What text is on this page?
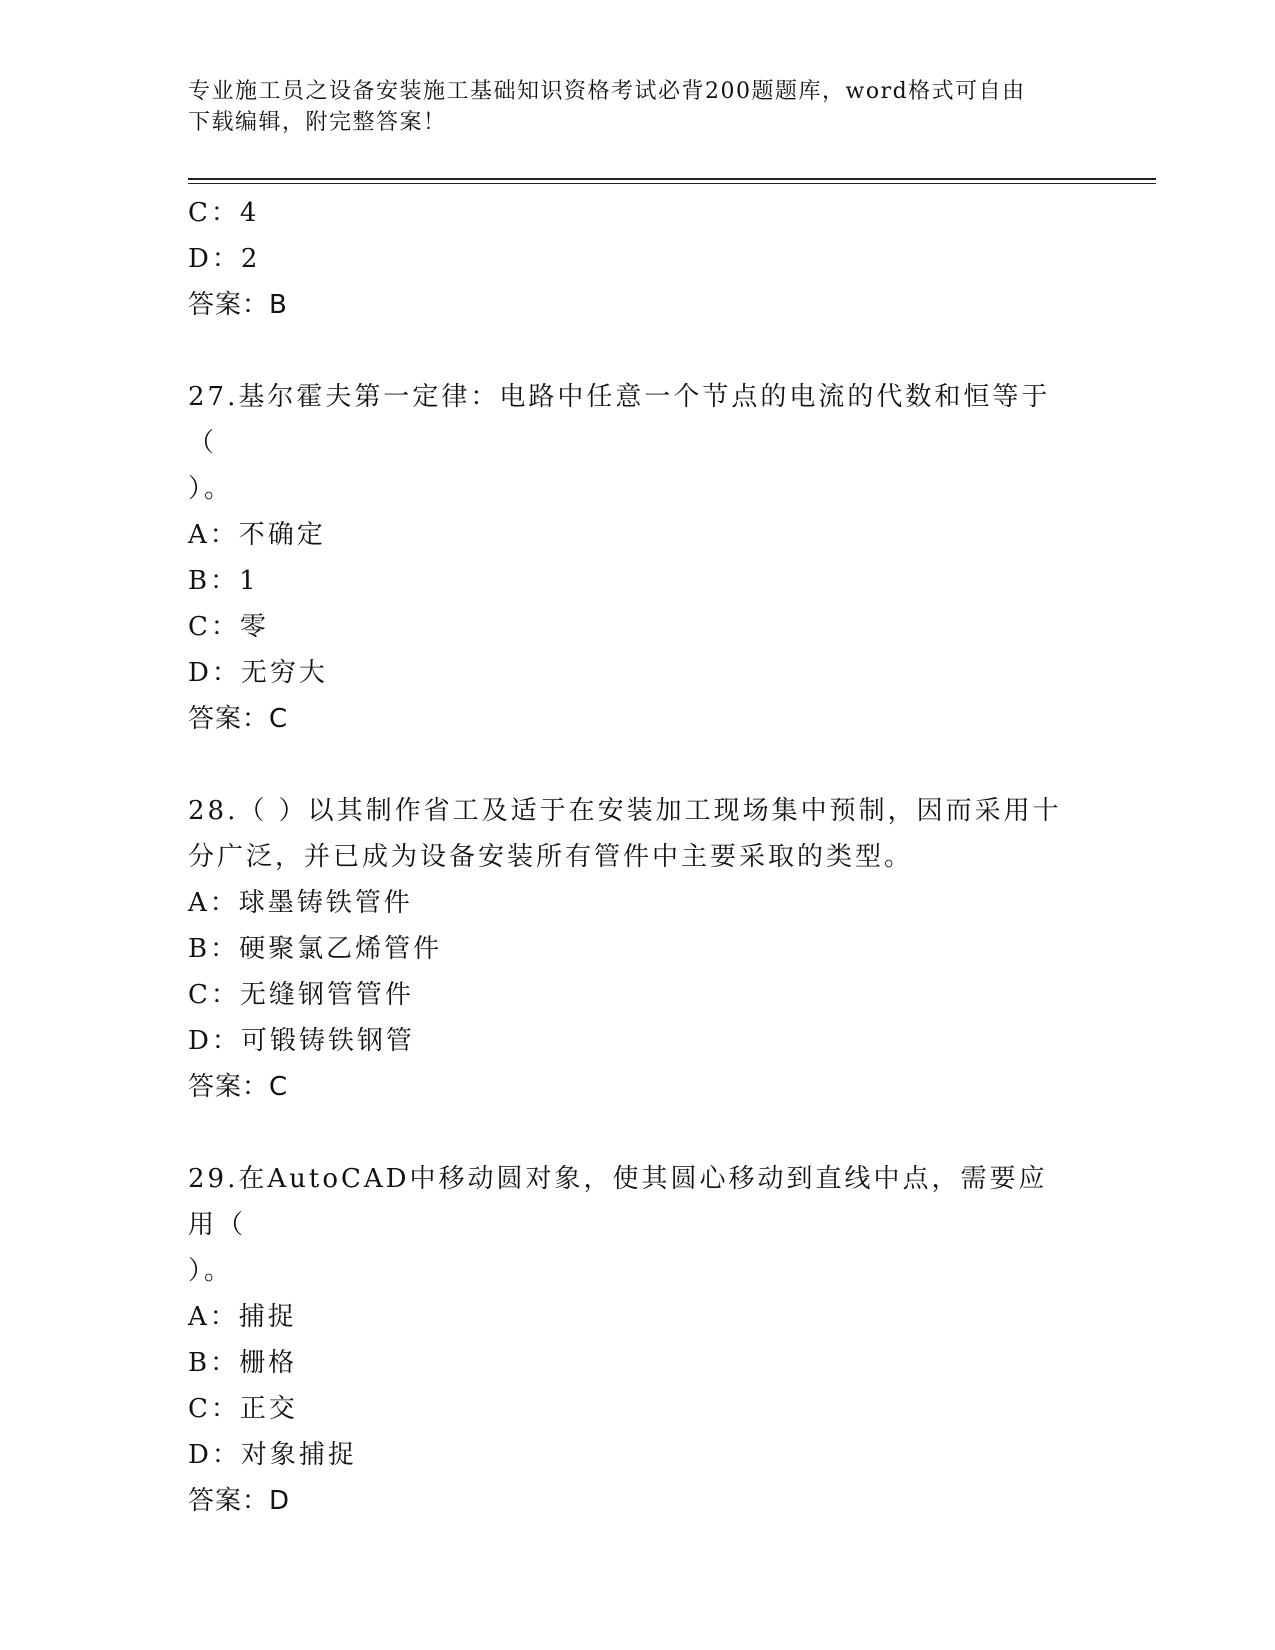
专业施工员之设备安装施工基础知识资格考试必背200题题库，word格式可自由
下载编辑，附完整答案！
C：4
D：2
答案：B
27.基尔霍夫第一定律：电路中任意一个节点的电流的代数和恒等于（
）。
A：不确定
B：1
C：零
D：无穷大
答案：C
28.（ ）以其制作省工及适于在安装加工现场集中预制，因而采用十
分广泛，并已成为设备安装所有管件中主要采取的类型。
A：球墨铸铁管件
B：硬聚氯乙烯管件
C：无缝钢管管件
D：可锻铸铁钢管
答案：C
29.在AutoCAD中移动圆对象，使其圆心移动到直线中点，需要应用（
）。
A：捕捉
B：栅格
C：正交
D：对象捕捉
答案：D
